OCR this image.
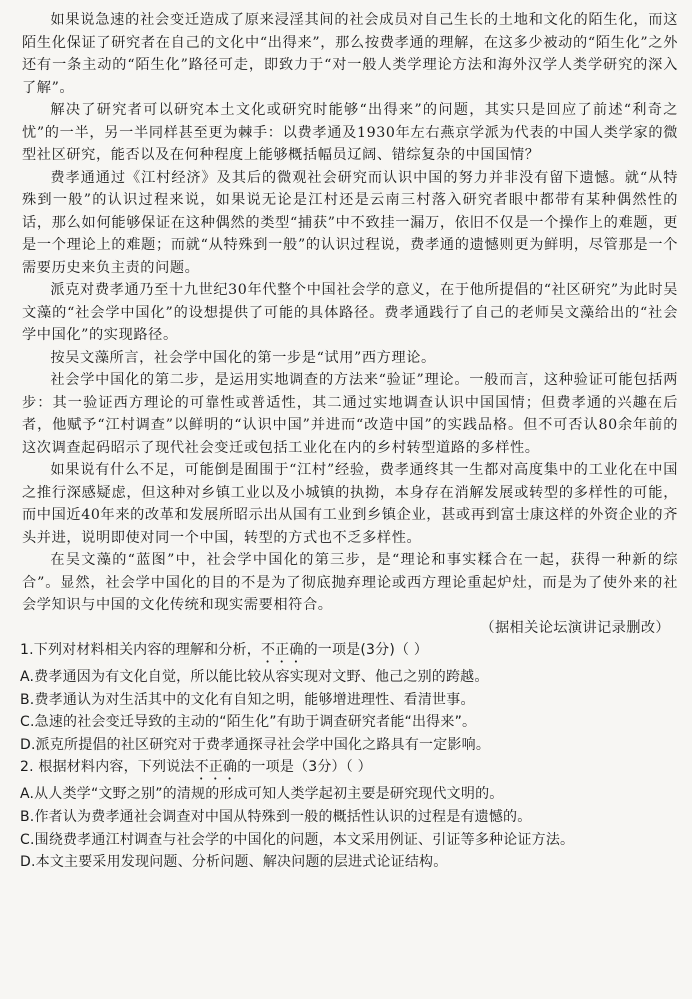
如果说急速的社会变迁造成了原来浸淫其间的社会成员对自己生长的土地和文化的陌生化，而这陌生化保证了研究者在自己的文化中“出得来”，那么按费孝通的理解，在这多少被动的“陌生化”之外还有一条主动的“陌生化”路径可走，即致力于“对一般人类学理论方法和海外汉学人类学研究的深入了解”。

解决了研究者可以研究本土文化或研究时能够“出得来”的问题，其实只是回应了前述“利奇之忧”的一半，另一半同样甚至更为棘手：以费孝通及1930年左右燕京学派为代表的中国人类学家的微型社区研究，能否以及在何种程度上能够概括幅员辽阔、错综复杂的中国国情？

费孝通通过《江村经济》及其后的微观社会研究而认识中国的努力并非没有留下遗憾。就“从特殊到一般”的认识过程来说，如果说无论是江村还是云南三村落入研究者眼中都带有某种偶然性的话，那么如何能够保证在这种偶然的类型“捕获”中不致挂一漏万，依旧不仅是一个操作上的难题，更是一个理论上的难题；而就“从特殊到一般”的认识过程说，费孝通的遗憾则更为鲜明，尽管那是一个需要历史来负主责的问题。

派克对费孝通乃至十九世纪30年代整个中国社会学的意义，在于他所提倡的“社区研究”为此时吴文藻的“社会学中国化”的设想提供了可能的具体路径。费孝通践行了自己的老师吴文藻给出的“社会学中国化”的实现路径。

按吴文藻所言，社会学中国化的第一步是“试用”西方理论。

社会学中国化的第二步，是运用实地调查的方法来“验证”理论。一般而言，这种验证可能包括两步：其一验证西方理论的可靠性或普适性，其二通过实地调查认识中国国情；但费孝通的兴趣在后者，他赋予“江村调查”以鲜明的“认识中国”并进而“改造中国”的实践品格。但不可否认80余年前的这次调查起码昭示了现代社会变迁或包括工业化在内的乡村转型道路的多样性。

如果说有什么不足，可能倒是囿围于“江村”经验，费孝通终其一生都对高度集中的工业化在中国之推行深感疑虑，但这种对乡镇工业以及小城镇的执拗，本身存在消解发展或转型的多样性的可能，而中国近40年来的改革和发展所昭示出从国有工业到乡镇企业，甚或再到富士康这样的外资企业的齐头并进，说明即使对同一个中国，转型的方式也不乏多样性。

在吴文藻的“蓝图”中，社会学中国化的第三步，是“理论和事实糅合在一起，获得一种新的综合”。显然，社会学中国化的目的不是为了彻底抛弃理论或西方理论重起炉灶，而是为了使外来的社会学知识与中国的文化传统和现实需要相符合。

（据相关论坛演讲记录删改）

1.下列对材料相关内容的理解和分析，不正确的一项是(3分)（ ）

A.费孝通因为有文化自觉，所以能比较从容实现对文野、他己之别的跨越。

B.费孝通认为对生活其中的文化有自知之明，能够增进理性、看清世事。

C.急速的社会变迁导致的主动的“陌生化”有助于调查研究者能“出得来”。

D.派克所提倡的社区研究对于费孝通探寻社会学中国化之路具有一定影响。

2. 根据材料内容，下列说法不正确的一项是（3分）（ ）

A.从人类学“文野之别”的清规的形成可知人类学起初主要是研究现代文明的。

B.作者认为费孝通社会调查对中国从特殊到一般的概括性认识的过程是有遗憾的。

C.围绕费孝通江村调查与社会学的中国化的问题，本文采用例证、引证等多种论证方法。

D.本文主要采用发现问题、分析问题、解决问题的层进式论证结构。
